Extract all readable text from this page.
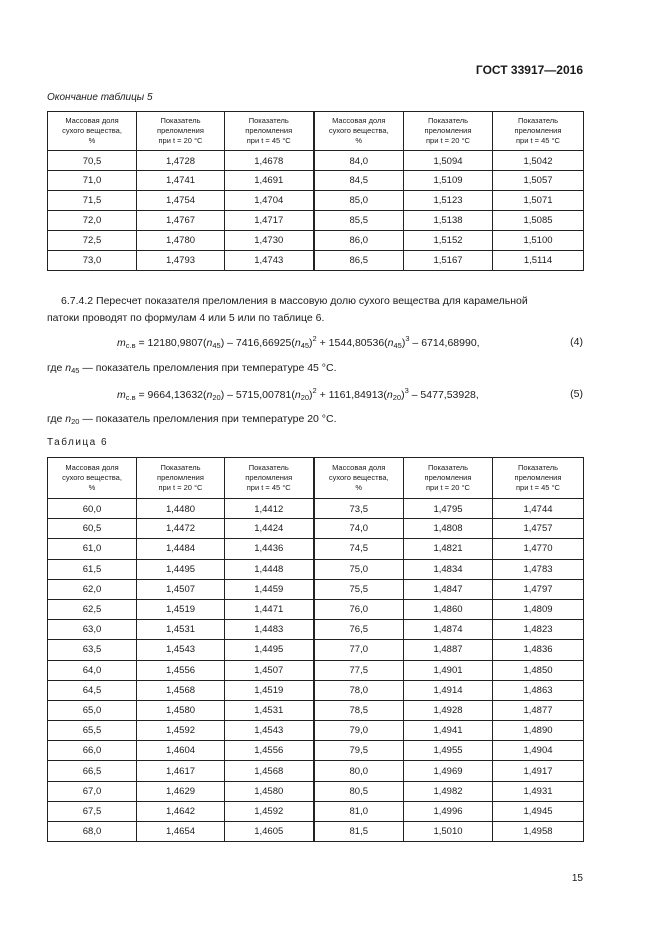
ГОСТ 33917—2016
Окончание таблицы 5
Массовая доля
сухого вещества,
%	Показатель
преломления
при t = 20 °C	Показатель
преломления
при t = 45 °C	Массовая доля
сухого вещества,
%	Показатель
преломления
при t = 20 °C	Показатель
преломления
при t = 45 °C
70,5	1,4728	1,4678	84,0	1,5094	1,5042
71,0	1,4741	1,4691	84,5	1,5109	1,5057
71,5	1,4754	1,4704	85,0	1,5123	1,5071
72,0	1,4767	1,4717	85,5	1,5138	1,5085
72,5	1,4780	1,4730	86,0	1,5152	1,5100
73,0	1,4793	1,4743	86,5	1,5167	1,5114

6.7.4.2 Пересчет показателя преломления в массовую долю сухого вещества для карамельной

патоки проводят по формулам 4 или 5 или по таблице 6.

$m_{с.в} = 12180,9807(n_{45}) - 7416,66925(n_{45})^2 + 1544,80536(n_{45})^3 - 6714,68990$,	(4)
где $n_{45}$ — показатель преломления при температуре 45 °C.
$m_{с.в} = 9664,13632(n_{20}) - 5715,00781(n_{20})^2 + 1161,84913(n_{20})^3 - 5477,53928$,	(5)
где $n_{20}$ — показатель преломления при температуре 20 °C.
Таблица 6
Массовая доля
сухого вещества,
%	Показатель
преломления
при t = 20 °C	Показатель
преломления
при t = 45 °C	Массовая доля
сухого вещества,
%	Показатель
преломления
при t = 20 °C	Показатель
преломления
при t = 45 °C
60,0	1,4480	1,4412	73,5	1,4795	1,4744
60,5	1,4472	1,4424	74,0	1,4808	1,4757
61,0	1,4484	1,4436	74,5	1,4821	1,4770
61,5	1,4495	1,4448	75,0	1,4834	1,4783
62,0	1,4507	1,4459	75,5	1,4847	1,4797
62,5	1,4519	1,4471	76,0	1,4860	1,4809
63,0	1,4531	1,4483	76,5	1,4874	1,4823
63,5	1,4543	1,4495	77,0	1,4887	1,4836
64,0	1,4556	1,4507	77,5	1,4901	1,4850
64,5	1,4568	1,4519	78,0	1,4914	1,4863
65,0	1,4580	1,4531	78,5	1,4928	1,4877
65,5	1,4592	1,4543	79,0	1,4941	1,4890
66,0	1,4604	1,4556	79,5	1,4955	1,4904
66,5	1,4617	1,4568	80,0	1,4969	1,4917
67,0	1,4629	1,4580	80,5	1,4982	1,4931
67,5	1,4642	1,4592	81,0	1,4996	1,4945
68,0	1,4654	1,4605	81,5	1,5010	1,4958
15
